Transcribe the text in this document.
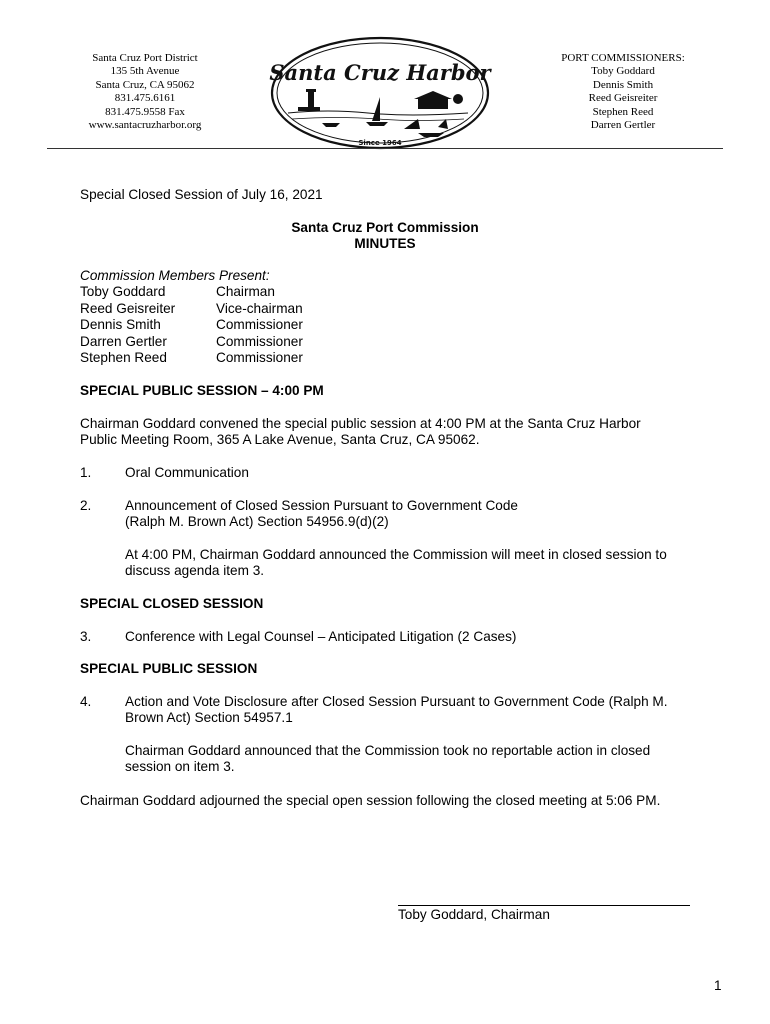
Santa Cruz Port District
135 5th Avenue
Santa Cruz, CA 95062
831.475.6161
831.475.9558 Fax
www.santacruzharbor.org
Santa Cruz Harbor
Since 1964
PORT COMMISSIONERS:
Toby Goddard
Dennis Smith
Reed Geisreiter
Stephen Reed
Darren Gertler
Special Closed Session of July 16, 2021
Santa Cruz Port Commission
MINUTES
Commission Members Present:
Toby Goddard	Chairman
Reed Geisreiter	Vice-chairman
Dennis Smith	Commissioner
Darren Gertler	Commissioner
Stephen Reed	Commissioner
SPECIAL PUBLIC SESSION – 4:00 PM
Chairman Goddard convened the special public session at 4:00 PM at the Santa Cruz Harbor
Public Meeting Room, 365 A Lake Avenue, Santa Cruz, CA 95062.
1. Oral Communication
2. Announcement of Closed Session Pursuant to Government Code
(Ralph M. Brown Act) Section 54956.9(d)(2)
At 4:00 PM, Chairman Goddard announced the Commission will meet in closed session to
discuss agenda item 3.
SPECIAL CLOSED SESSION
3. Conference with Legal Counsel – Anticipated Litigation (2 Cases)
SPECIAL PUBLIC SESSION
4. Action and Vote Disclosure after Closed Session Pursuant to Government Code (Ralph M.
Brown Act) Section 54957.1
Chairman Goddard announced that the Commission took no reportable action in closed
session on item 3.
Chairman Goddard adjourned the special open session following the closed meeting at 5:06 PM.
Toby Goddard, Chairman
1
